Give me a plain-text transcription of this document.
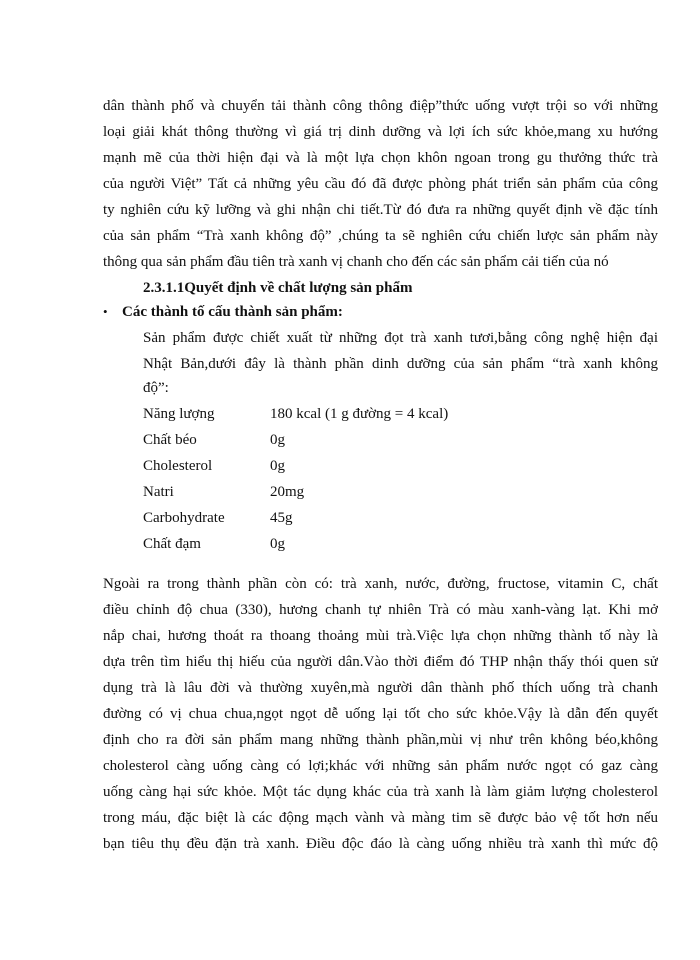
dân thành phố và chuyển tải thành công thông điệp”thức uống vượt trội so với những
loại giải khát thông thường vì giá trị dinh dưỡng và lợi ích sức khỏe,mang xu hướng
mạnh mẽ của thời hiện đại và là một lựa chọn khôn ngoan trong gu thưởng thức trà
của người Việt” Tất cả những yêu cầu đó đã được phòng phát triển sản phẩm của công
ty nghiên cứu kỹ lưỡng và ghi nhận chi tiết.Từ đó đưa ra những quyết định về đặc tính
của sản phẩm “Trà xanh không độ” ,chúng ta sẽ nghiên cứu chiến lược sản phẩm này
thông qua sản phẩm đầu tiên trà xanh vị chanh cho đến các sản phẩm cải tiến của nó
2.3.1.1Quyết định về chất lượng sản phẩm
• Các thành tố cấu thành sản phẩm:
Sản phẩm được chiết xuất từ những đọt trà xanh tươi,bằng công nghệ hiện đại
Nhật Bản,dưới đây là thành phần dinh dưỡng của sản phẩm “trà xanh không
độ”:
Năng lượng	180 kcal (1 g đường = 4 kcal)
Chất béo	0g
Cholesterol	0g
Natri	20mg
Carbohydrate	45g
Chất đạm	0g
Ngoài ra trong thành phần còn có: trà xanh, nước, đường, fructose, vitamin C, chất
điều chỉnh độ chua (330), hương chanh tự nhiên Trà có màu xanh-vàng lạt. Khi mở
nắp chai, hương thoát ra thoang thoảng mùi trà.Việc lựa chọn những thành tố này là
dựa trên tìm hiểu thị hiếu của người dân.Vào thời điểm đó THP nhận thấy thói quen sử
dụng trà là lâu đời và thường xuyên,mà người dân thành phố thích uống trà chanh
đường có vị chua chua,ngọt ngọt dễ uống lại tốt cho sức khỏe.Vậy là dẫn đến quyết
định cho ra đời sản phẩm mang những thành phần,mùi vị như trên không béo,không
cholesterol càng uống càng có lợi;khác với những sản phẩm nước ngọt có gaz càng
uống càng hại sức khỏe. Một tác dụng khác của trà xanh là làm giảm lượng cholesterol
trong máu, đặc biệt là các động mạch vành và màng tim sẽ được bảo vệ tốt hơn nếu
bạn tiêu thụ đều đặn trà xanh. Điều độc đáo là càng uống nhiều trà xanh thì mức độ
